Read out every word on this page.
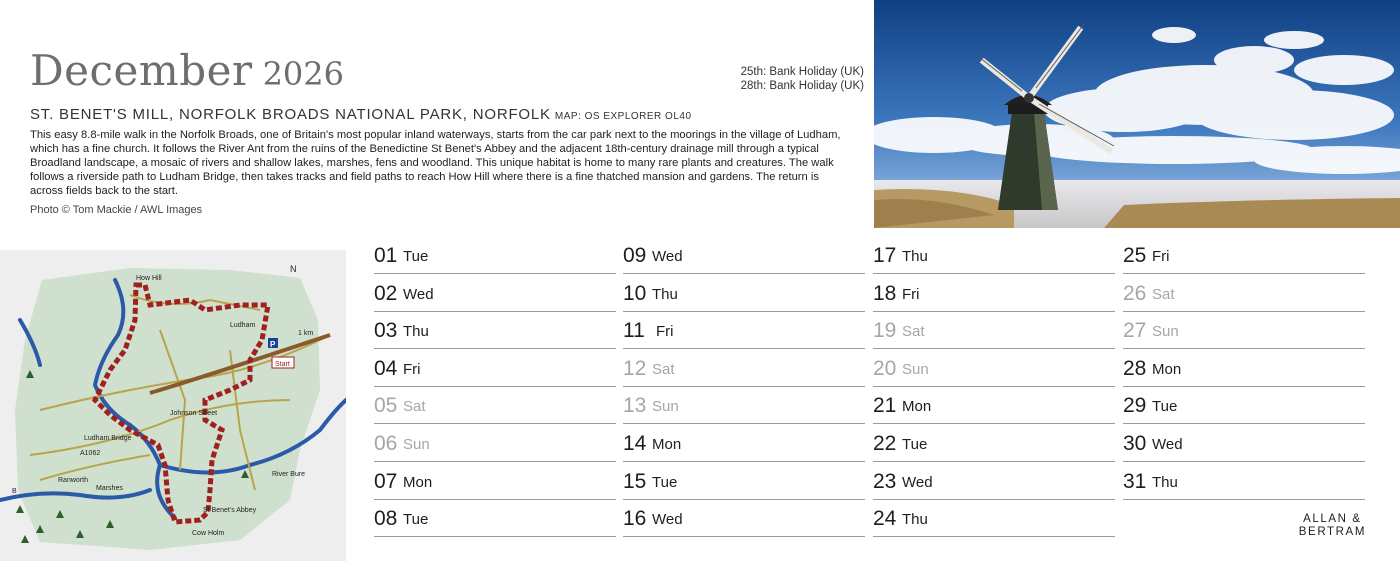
December 2026	25th: Bank Holiday (UK)
28th: Bank Holiday (UK)
ST. BENET'S MILL, NORFOLK BROADS NATIONAL PARK, NORFOLK MAP: OS EXPLORER OL40

This easy 8.8-mile walk in the Norfolk Broads, one of Britain's most popular inland waterways, starts from the car park next to the moorings in the village of Ludham, which has a fine church. It follows the River Ant from the ruins of the Benedictine St Benet's Abbey and the adjacent 18th-century drainage mill through a typical Broadland landscape, a mosaic of rivers and shallow lakes, marshes, fens and woodland. This unique habitat is home to many rare plants and creatures. The walk follows a riverside path to Ludham Bridge, then takes tracks and field paths to reach How Hill where there is a fine thatched mansion and gardens. The return is across fields back to the start.

Photo © Tom Mackie / AWL Images
P
Start
How Hill
Ludham
1 km
N
Ludham Bridge
Johnson Street
A1062
River Bure
Ranworth
Marshes
St Benet's Abbey
Cow Holm
B
01 Tue
02 Wed
03 Thu
04 Fri
05 Sat
06 Sun
07 Mon
08 Tue
09 Wed
10 Thu
11 Fri
12 Sat
13 Sun
14 Mon
15 Tue
16 Wed
17 Thu
18 Fri
19 Sat
20 Sun
21 Mon
22 Tue
23 Wed
24 Thu
25 Fri
26 Sat
27 Sun
28 Mon
29 Tue
30 Wed
31 Thu
ALLAN &
BERTRAM
